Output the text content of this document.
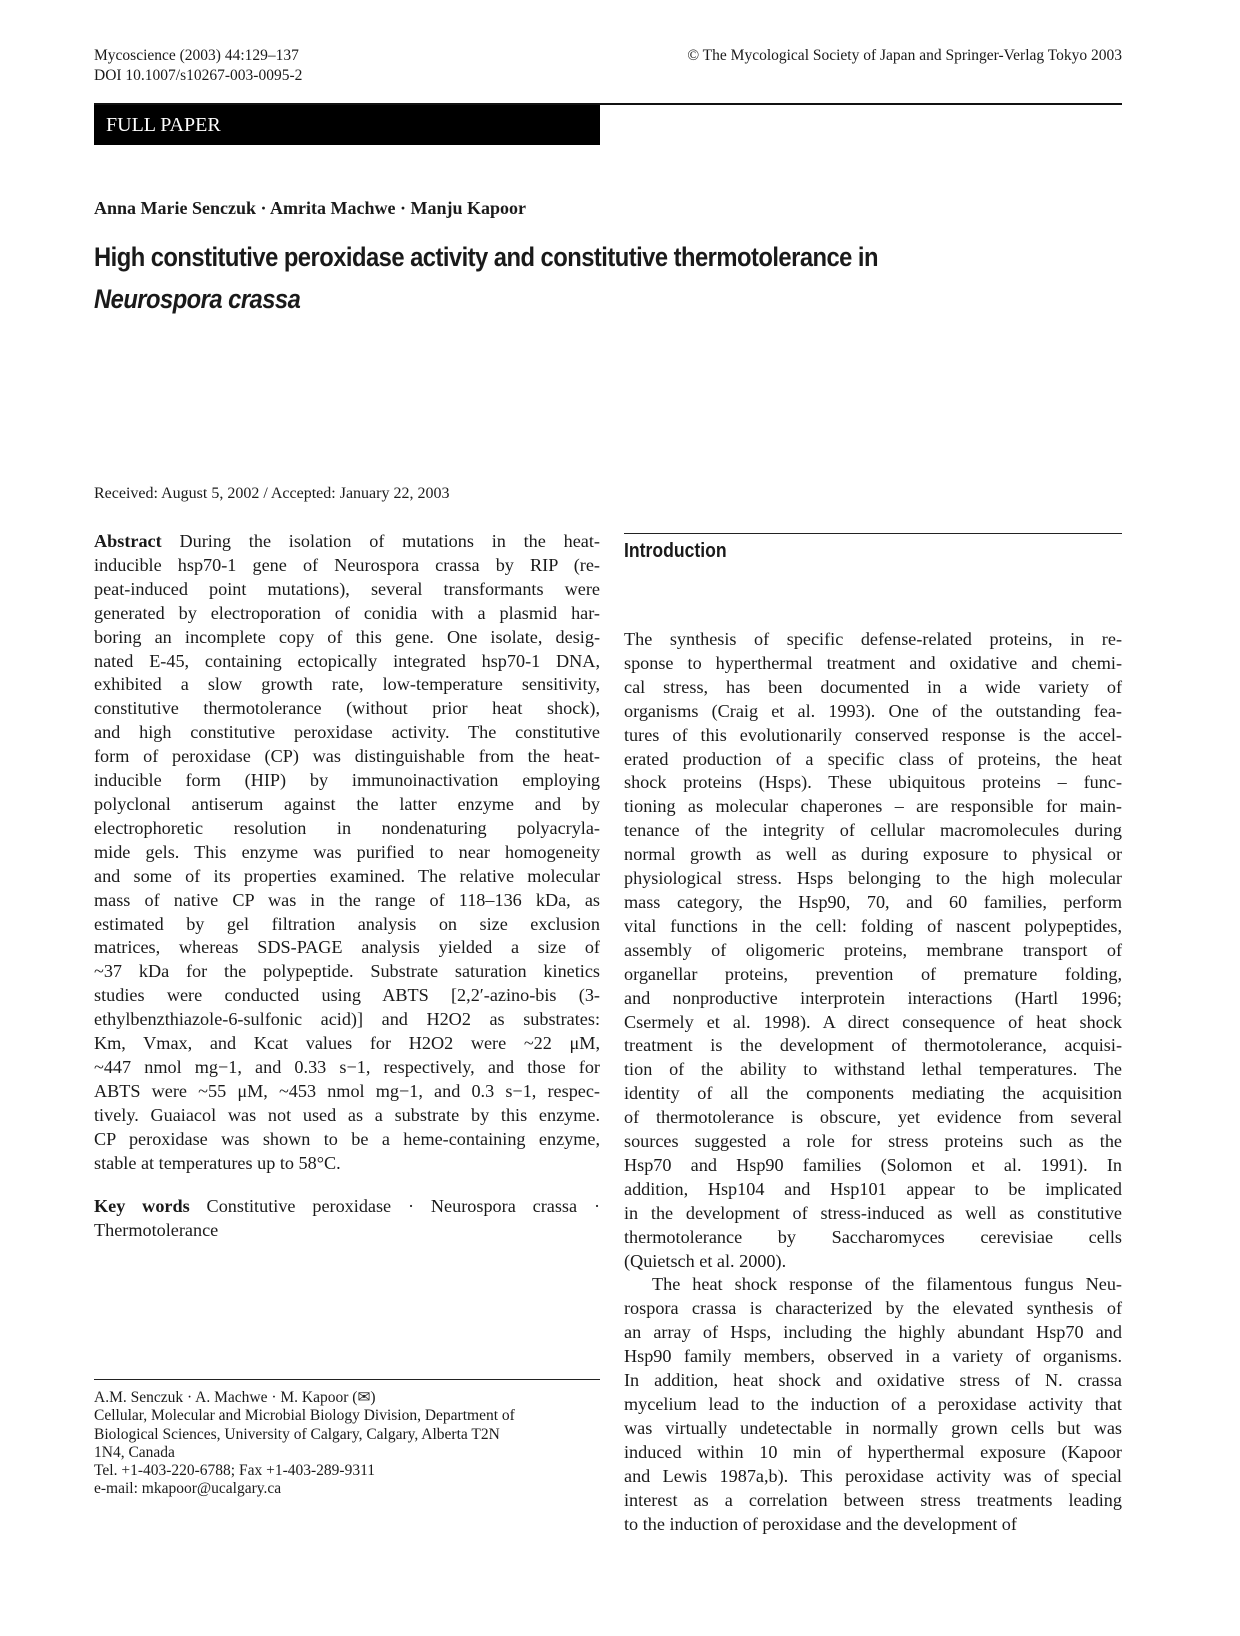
Mycoscience (2003) 44:129–137
DOI 10.1007/s10267-003-0095-2
© The Mycological Society of Japan and Springer-Verlag Tokyo 2003
FULL PAPER
Anna Marie Senczuk · Amrita Machwe · Manju Kapoor
High constitutive peroxidase activity and constitutive thermotolerance in
Neurospora crassa
Received: August 5, 2002 / Accepted: January 22, 2003
Abstract During the isolation of mutations in the heat-
inducible hsp70-1 gene of Neurospora crassa by RIP (re-
peat-induced point mutations), several transformants were
generated by electroporation of conidia with a plasmid har-
boring an incomplete copy of this gene. One isolate, desig-
nated E-45, containing ectopically integrated hsp70-1 DNA,
exhibited a slow growth rate, low-temperature sensitivity,
constitutive thermotolerance (without prior heat shock),
and high constitutive peroxidase activity. The constitutive
form of peroxidase (CP) was distinguishable from the heat-
inducible form (HIP) by immunoinactivation employing
polyclonal antiserum against the latter enzyme and by
electrophoretic resolution in nondenaturing polyacryla-
mide gels. This enzyme was purified to near homogeneity
and some of its properties examined. The relative molecular
mass of native CP was in the range of 118–136 kDa, as
estimated by gel filtration analysis on size exclusion
matrices, whereas SDS-PAGE analysis yielded a size of
~37 kDa for the polypeptide. Substrate saturation kinetics
studies were conducted using ABTS [2,2′-azino-bis (3-
ethylbenzthiazole-6-sulfonic acid)] and H2O2 as substrates:
Km, Vmax, and Kcat values for H2O2 were ~22 μM,
~447 nmol mg−1, and 0.33 s−1, respectively, and those for
ABTS were ~55 μM, ~453 nmol mg−1, and 0.3 s−1, respec-
tively. Guaiacol was not used as a substrate by this enzyme.
CP peroxidase was shown to be a heme-containing enzyme,
stable at temperatures up to 58°C.
Key words Constitutive peroxidase · Neurospora crassa ·
Thermotolerance
A.M. Senczuk · A. Machwe · M. Kapoor (✉)
Cellular, Molecular and Microbial Biology Division, Department of
Biological Sciences, University of Calgary, Calgary, Alberta T2N
1N4, Canada
Tel. +1-403-220-6788; Fax +1-403-289-9311
e-mail: mkapoor@ucalgary.ca
Introduction
The synthesis of specific defense-related proteins, in re-
sponse to hyperthermal treatment and oxidative and chemi-
cal stress, has been documented in a wide variety of
organisms (Craig et al. 1993). One of the outstanding fea-
tures of this evolutionarily conserved response is the accel-
erated production of a specific class of proteins, the heat
shock proteins (Hsps). These ubiquitous proteins – func-
tioning as molecular chaperones – are responsible for main-
tenance of the integrity of cellular macromolecules during
normal growth as well as during exposure to physical or
physiological stress. Hsps belonging to the high molecular
mass category, the Hsp90, 70, and 60 families, perform
vital functions in the cell: folding of nascent polypeptides,
assembly of oligomeric proteins, membrane transport of
organellar proteins, prevention of premature folding,
and nonproductive interprotein interactions (Hartl 1996;
Csermely et al. 1998). A direct consequence of heat shock
treatment is the development of thermotolerance, acquisi-
tion of the ability to withstand lethal temperatures. The
identity of all the components mediating the acquisition
of thermotolerance is obscure, yet evidence from several
sources suggested a role for stress proteins such as the
Hsp70 and Hsp90 families (Solomon et al. 1991). In
addition, Hsp104 and Hsp101 appear to be implicated
in the development of stress-induced as well as constitutive
thermotolerance by Saccharomyces cerevisiae cells
(Quietsch et al. 2000).
The heat shock response of the filamentous fungus Neu-
rospora crassa is characterized by the elevated synthesis of
an array of Hsps, including the highly abundant Hsp70 and
Hsp90 family members, observed in a variety of organisms.
In addition, heat shock and oxidative stress of N. crassa
mycelium lead to the induction of a peroxidase activity that
was virtually undetectable in normally grown cells but was
induced within 10 min of hyperthermal exposure (Kapoor
and Lewis 1987a,b). This peroxidase activity was of special
interest as a correlation between stress treatments leading
to the induction of peroxidase and the development of
